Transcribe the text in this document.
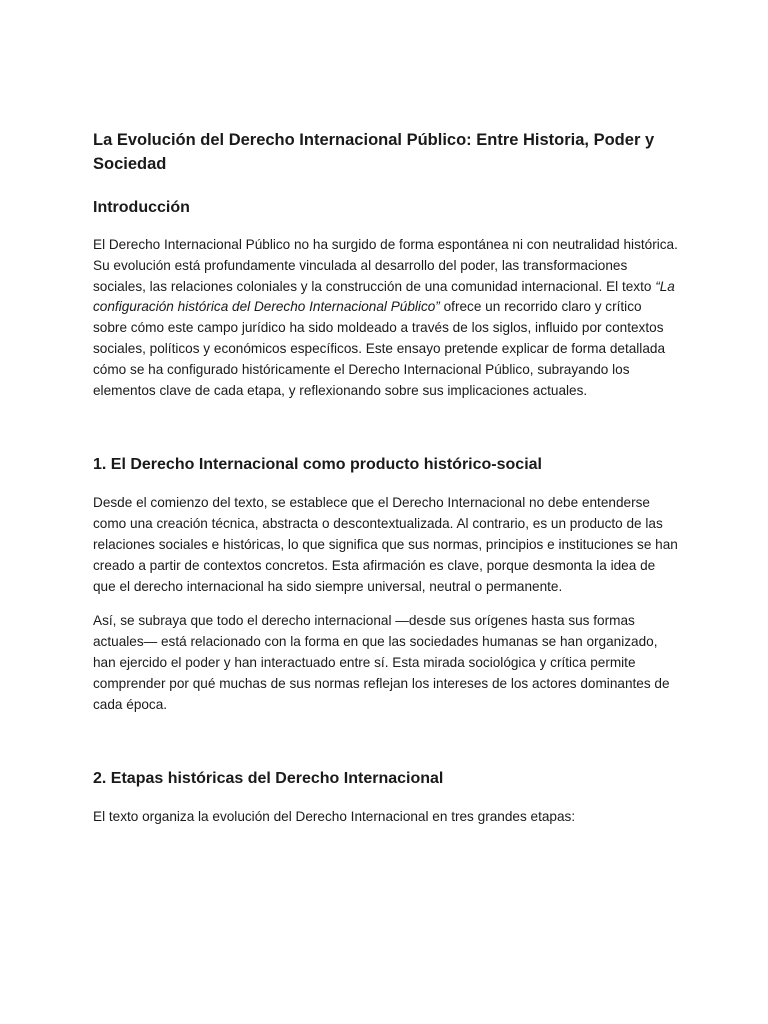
La Evolución del Derecho Internacional Público: Entre Historia, Poder y Sociedad
Introducción

El Derecho Internacional Público no ha surgido de forma espontánea ni con neutralidad histórica. Su evolución está profundamente vinculada al desarrollo del poder, las transformaciones sociales, las relaciones coloniales y la construcción de una comunidad internacional. El texto “La configuración histórica del Derecho Internacional Público” ofrece un recorrido claro y crítico sobre cómo este campo jurídico ha sido moldeado a través de los siglos, influido por contextos sociales, políticos y económicos específicos. Este ensayo pretende explicar de forma detallada cómo se ha configurado históricamente el Derecho Internacional Público, subrayando los elementos clave de cada etapa, y reflexionando sobre sus implicaciones actuales.

1. El Derecho Internacional como producto histórico-social

Desde el comienzo del texto, se establece que el Derecho Internacional no debe entenderse como una creación técnica, abstracta o descontextualizada. Al contrario, es un producto de las relaciones sociales e históricas, lo que significa que sus normas, principios e instituciones se han creado a partir de contextos concretos. Esta afirmación es clave, porque desmonta la idea de que el derecho internacional ha sido siempre universal, neutral o permanente.

Así, se subraya que todo el derecho internacional —desde sus orígenes hasta sus formas actuales— está relacionado con la forma en que las sociedades humanas se han organizado, han ejercido el poder y han interactuado entre sí. Esta mirada sociológica y crítica permite comprender por qué muchas de sus normas reflejan los intereses de los actores dominantes de cada época.

2. Etapas históricas del Derecho Internacional

El texto organiza la evolución del Derecho Internacional en tres grandes etapas:
